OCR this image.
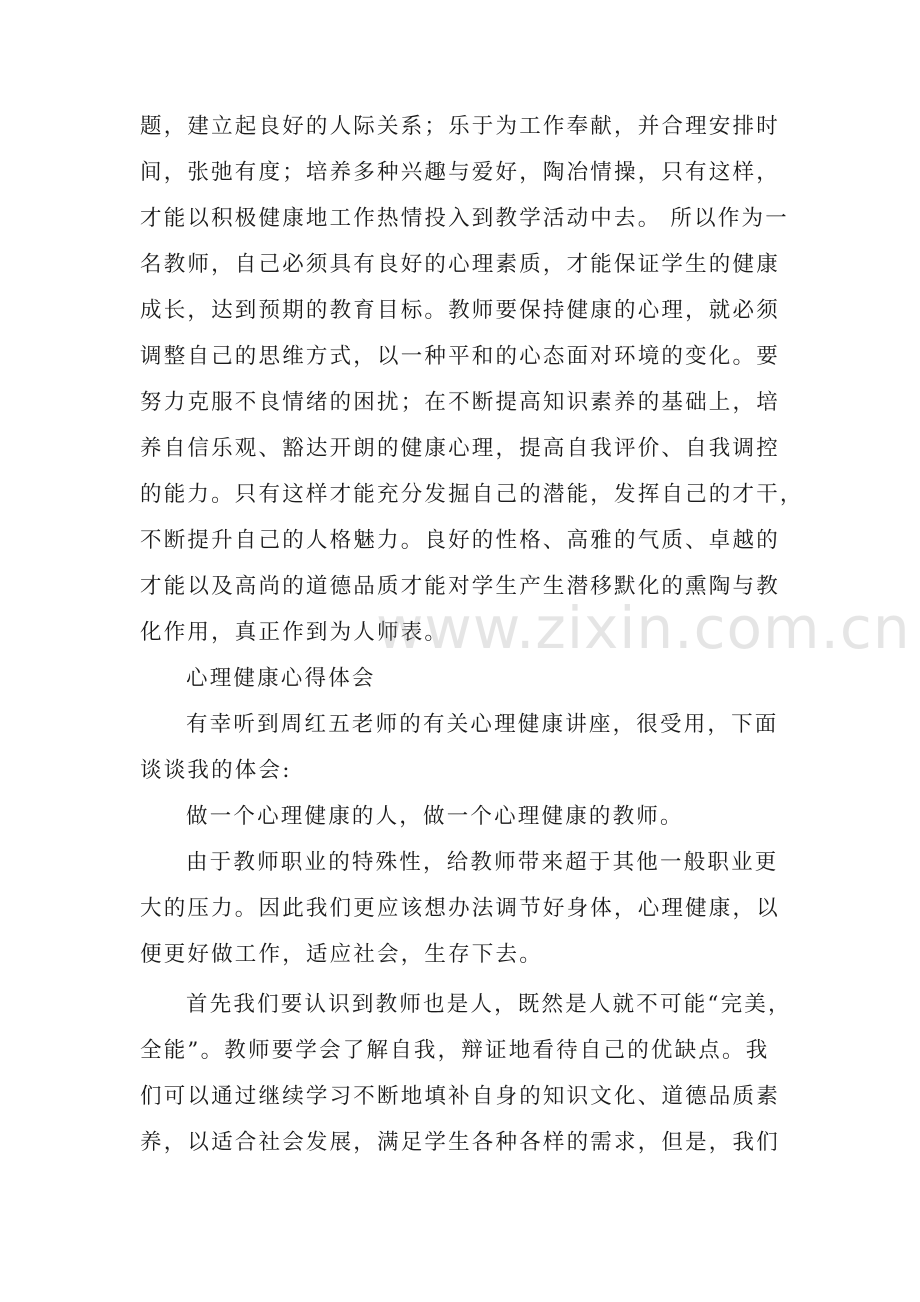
题，建立起良好的人际关系；乐于为工作奉献，并合理安排时
间，张弛有度；培养多种兴趣与爱好，陶冶情操，只有这样，
才能以积极健康地工作热情投入到教学活动中去。 所以作为一
名教师，自己必须具有良好的心理素质，才能保证学生的健康
成长，达到预期的教育目标。教师要保持健康的心理，就必须
调整自己的思维方式，以一种平和的心态面对环境的变化。要
努力克服不良情绪的困扰；在不断提高知识素养的基础上，培
养自信乐观、豁达开朗的健康心理，提高自我评价、自我调控
的能力。只有这样才能充分发掘自己的潜能，发挥自己的才干，
不断提升自己的人格魅力。良好的性格、高雅的气质、卓越的
才能以及高尚的道德品质才能对学生产生潜移默化的熏陶与教
化作用，真正作到为人师表。
心理健康心得体会
有幸听到周红五老师的有关心理健康讲座，很受用，下面
谈谈我的体会:
做一个心理健康的人，做一个心理健康的教师。
由于教师职业的特殊性，给教师带来超于其他一般职业更
大的压力。因此我们更应该想办法调节好身体，心理健康，以
便更好做工作，适应社会，生存下去。
首先我们要认识到教师也是人，既然是人就不可能“完美，
全能”。教师要学会了解自我，辩证地看待自己的优缺点。我
们可以通过继续学习不断地填补自身的知识文化、道德品质素
养，以适合社会发展，满足学生各种各样的需求，但是，我们
www.zixin.com.cn
